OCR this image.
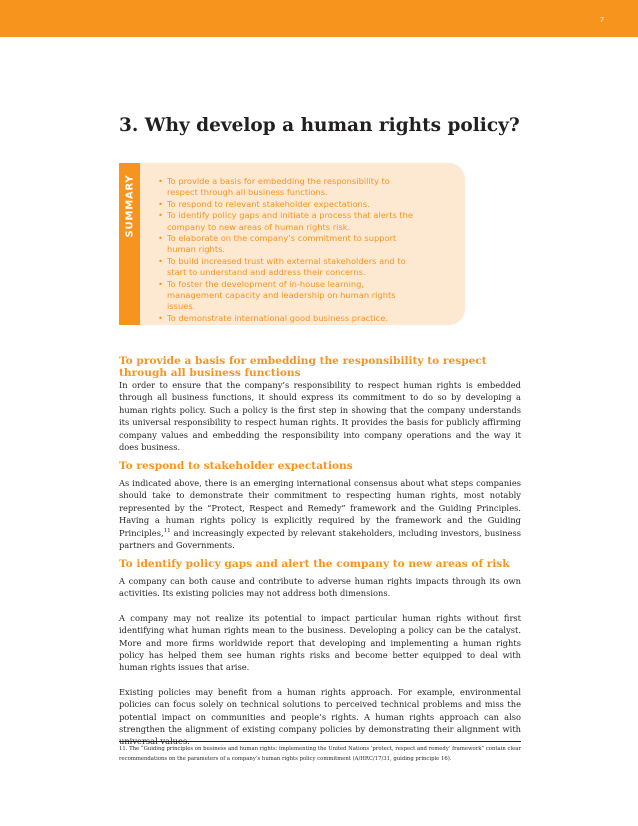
7
3. Why develop a human rights policy?
SUMMARY	• To provide a basis for embedding the responsibility to respect through all business functions.
• To respond to relevant stakeholder expectations.
• To identify policy gaps and initiate a process that alerts the company to new areas of human rights risk.
• To elaborate on the company’s commitment to support human rights.
• To build increased trust with external stakeholders and to start to understand and address their concerns.
• To foster the development of in-house learning, management capacity and leadership on human rights issues.
• To demonstrate international good business practice.
To provide a basis for embedding the responsibility to respect through all business functions

In order to ensure that the company’s responsibility to respect human rights is embedded through all business functions, it should express its commitment to do so by developing a human rights policy. Such a policy is the first step in showing that the company understands its universal responsibility to respect human rights. It provides the basis for publicly affirming company values and embedding the responsibility into company operations and the way it does business.

To respond to stakeholder expectations

As indicated above, there is an emerging international consensus about what steps companies should take to demonstrate their commitment to respecting human rights, most notably represented by the “Protect, Respect and Remedy” framework and the Guiding Principles. Having a human rights policy is explicitly required by the framework and the Guiding Principles,$^{11}$ and increasingly expected by relevant stakeholders, including investors, business partners and Governments.

To identify policy gaps and alert the company to new areas of risk

A company can both cause and contribute to adverse human rights impacts through its own activities. Its existing policies may not address both dimensions.

A company may not realize its potential to impact particular human rights without first identifying what human rights mean to the business. Developing a policy can be the catalyst. More and more firms worldwide report that developing and implementing a human rights policy has helped them see human rights risks and become better equipped to deal with human rights issues that arise.

Existing policies may benefit from a human rights approach. For example, environmental policies can focus solely on technical solutions to perceived technical problems and miss the potential impact on communities and people’s rights. A human rights approach can also strengthen the alignment of existing company policies by demonstrating their alignment with

11. The “Guiding principles on business and human rights: implementing the United Nations ‘protect, respect and remedy’ framework” contain clear recommendations on the parameters of a company’s human rights policy commitment (A/HRC/17/31, guiding principle 16).
